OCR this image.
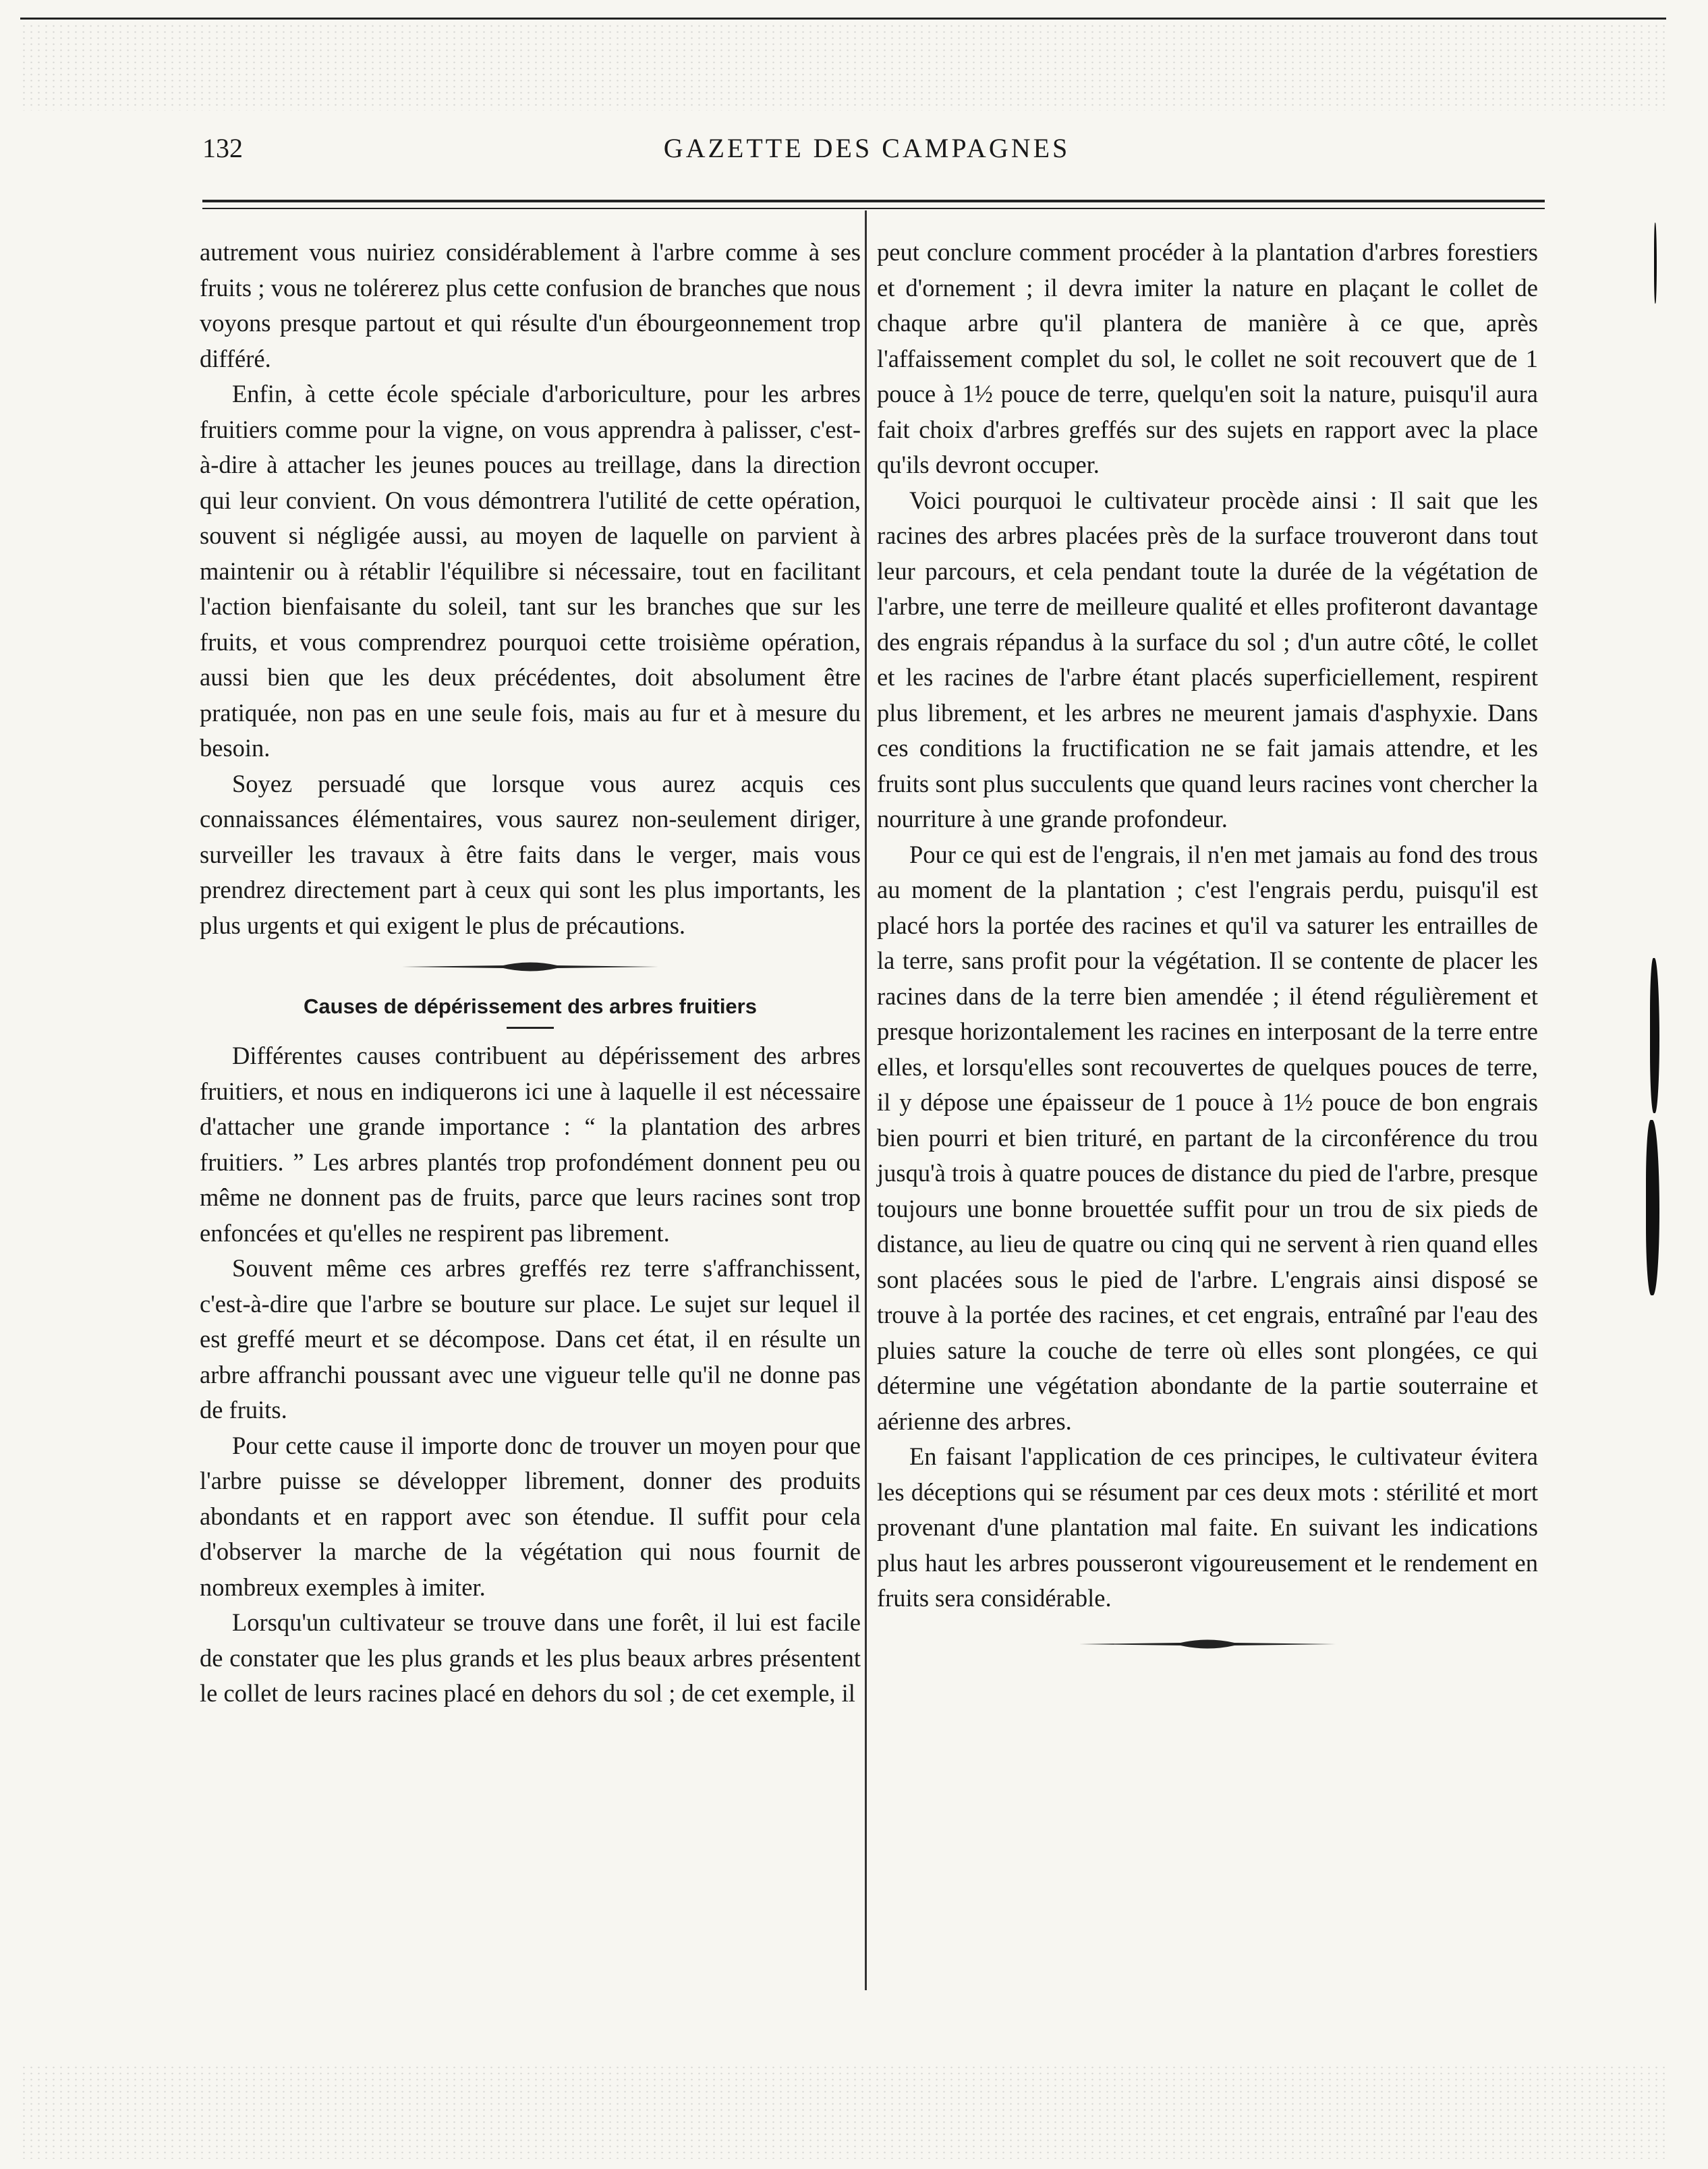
132	GAZETTE DES CAMPAGNES

autrement vous nuiriez considérablement à l'arbre comme à ses fruits ; vous ne tolérerez plus cette confusion de branches que nous voyons presque partout et qui résulte d'un ébourgeonnement trop différé.

Enfin, à cette école spéciale d'arboriculture, pour les arbres fruitiers comme pour la vigne, on vous apprendra à palisser, c'est-à-dire à attacher les jeunes pouces au treillage, dans la direction qui leur convient. On vous démontrera l'utilité de cette opération, souvent si négligée aussi, au moyen de laquelle on parvient à maintenir ou à rétablir l'équilibre si nécessaire, tout en facilitant l'action bienfaisante du soleil, tant sur les branches que sur les fruits, et vous comprendrez pourquoi cette troisième opération, aussi bien que les deux précédentes, doit absolument être pratiquée, non pas en une seule fois, mais au fur et à mesure du besoin.

Soyez persuadé que lorsque vous aurez acquis ces connaissances élémentaires, vous saurez non-seulement diriger, surveiller les travaux à être faits dans le verger, mais vous prendrez directement part à ceux qui sont les plus importants, les plus urgents et qui exigent le plus de précautions.

Causes de dépérissement des arbres fruitiers

Différentes causes contribuent au dépérissement des arbres fruitiers, et nous en indiquerons ici une à laquelle il est nécessaire d'attacher une grande importance : “ la plantation des arbres fruitiers. ” Les arbres plantés trop profondément donnent peu ou même ne donnent pas de fruits, parce que leurs racines sont trop enfoncées et qu'elles ne respirent pas librement.

Souvent même ces arbres greffés rez terre s'affranchissent, c'est-à-dire que l'arbre se bouture sur place. Le sujet sur lequel il est greffé meurt et se décompose. Dans cet état, il en résulte un arbre affranchi poussant avec une vigueur telle qu'il ne donne pas de fruits.

Pour cette cause il importe donc de trouver un moyen pour que l'arbre puisse se développer librement, donner des produits abondants et en rapport avec son étendue. Il suffit pour cela d'observer la marche de la végétation qui nous fournit de nombreux exemples à imiter.

Lorsqu'un cultivateur se trouve dans une forêt, il lui est facile de constater que les plus grands et les plus beaux arbres présentent le collet de leurs racines placé en dehors du sol ; de cet exemple, il

peut conclure comment procéder à la plantation d'arbres forestiers et d'ornement ; il devra imiter la nature en plaçant le collet de chaque arbre qu'il plantera de manière à ce que, après l'affaissement complet du sol, le collet ne soit recouvert que de 1 pouce à 1½ pouce de terre, quelqu'en soit la nature, puisqu'il aura fait choix d'arbres greffés sur des sujets en rapport avec la place qu'ils devront occuper.

Voici pourquoi le cultivateur procède ainsi : Il sait que les racines des arbres placées près de la surface trouveront dans tout leur parcours, et cela pendant toute la durée de la végétation de l'arbre, une terre de meilleure qualité et elles profiteront davantage des engrais répandus à la surface du sol ; d'un autre côté, le collet et les racines de l'arbre étant placés superficiellement, respirent plus librement, et les arbres ne meurent jamais d'asphyxie. Dans ces conditions la fructification ne se fait jamais attendre, et les fruits sont plus succulents que quand leurs racines vont chercher la nourriture à une grande profondeur.

Pour ce qui est de l'engrais, il n'en met jamais au fond des trous au moment de la plantation ; c'est l'engrais perdu, puisqu'il est placé hors la portée des racines et qu'il va saturer les entrailles de la terre, sans profit pour la végétation. Il se contente de placer les racines dans de la terre bien amendée ; il étend régulièrement et presque horizontalement les racines en interposant de la terre entre elles, et lorsqu'elles sont recouvertes de quelques pouces de terre, il y dépose une épaisseur de 1 pouce à 1½ pouce de bon engrais bien pourri et bien trituré, en partant de la circonférence du trou jusqu'à trois à quatre pouces de distance du pied de l'arbre, presque toujours une bonne brouettée suffit pour un trou de six pieds de distance, au lieu de quatre ou cinq qui ne servent à rien quand elles sont placées sous le pied de l'arbre. L'engrais ainsi disposé se trouve à la portée des racines, et cet engrais, entraîné par l'eau des pluies sature la couche de terre où elles sont plongées, ce qui détermine une végétation abondante de la partie souterraine et aérienne des arbres.

En faisant l'application de ces principes, le cultivateur évitera les déceptions qui se résument par ces deux mots : stérilité et mort provenant d'une plantation mal faite. En suivant les indications plus haut les arbres pousseront vigoureusement et le rendement en fruits sera considérable.
